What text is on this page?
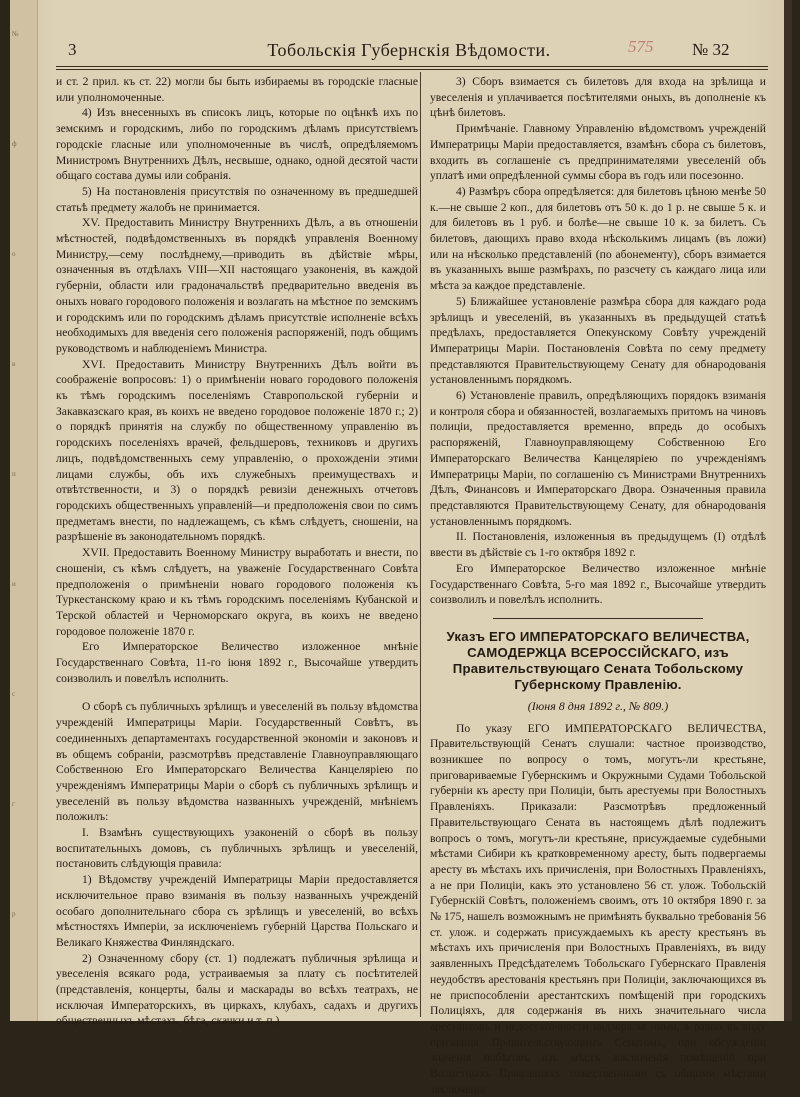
№
ф
о
в
п
и
с
г
р
3	Тобольскія Губернскія Вѣдомости.	575 № 32
и ст. 2 прил. къ ст. 22) могли бы быть избираемы въ городскіе гласные или уполномоченные.
4) Изъ внесенныхъ въ списокъ лицъ, которые по оцѣнкѣ ихъ по земскимъ и городскимъ, либо по городскимъ дѣламъ присутствіемъ городскіе гласные или уполномоченные въ числѣ, опредѣляемомъ Министромъ Внутреннихъ Дѣлъ, несвыше, однако, одной десятой части общаго состава думы или собранія.
5) На постановленія присутствія по означенному въ предшедшей статьѣ предмету жалобъ не принимается.
XV. Предоставить Министру Внутреннихъ Дѣлъ, а въ отношеніи мѣстностей, подвѣдомственныхъ въ порядкѣ управленія Военному Министру,—сему послѣднему,—приводить въ дѣйствіе мѣры, означенныя въ отдѣлахъ VIII—XII настоящаго узаконенія, въ каждой губерніи, области или градоначальствѣ предварительно введенія въ оныхъ новаго городового положенія и возлагать на мѣстное по земскимъ и городскимъ или по городскимъ дѣламъ присутствіе исполненіе всѣхъ необходимыхъ для введенія сего положенія распоряженій, подъ общимъ руководствомъ и наблюденіемъ Министра.
XVI. Предоставить Министру Внутреннихъ Дѣлъ войти въ соображеніе вопросовъ: 1) о примѣненіи новаго городового положенія къ тѣмъ городскимъ поселеніямъ Ставропольской губерніи и Закавказскаго края, въ коихъ не введено городовое положеніе 1870 г.; 2) о порядкѣ принятія на службу по общественному управленію въ городскихъ поселеніяхъ врачей, фельдшеровъ, техниковъ и другихъ лицъ, подвѣдомственныхъ сему управленію, о прохожденіи этими лицами службы, объ ихъ служебныхъ преимуществахъ и отвѣтственности, и 3) о порядкѣ ревизіи денежныхъ отчетовъ городскихъ общественныхъ управленій—и предположенія свои по симъ предметамъ внести, по надлежащемъ, съ кѣмъ слѣдуетъ, сношеніи, на разрѣшеніе въ законодательномъ порядкѣ.
XVII. Предоставить Военному Министру выработать и внести, по сношеніи, съ кѣмъ слѣдуетъ, на уваженіе Государственнаго Совѣта предположенія о примѣненіи новаго городового положенія къ Туркестанскому краю и къ тѣмъ городскимъ поселеніямъ Кубанской и Терской областей и Черноморскаго округа, въ коихъ не введено городовое положеніе 1870 г.
Его Императорское Величество изложенное мнѣніе Государственнаго Совѣта, 11-го іюня 1892 г., Высочайше утвердить соизволилъ и повелѣлъ исполнить.
О сборѣ съ публичныхъ зрѣлищъ и увеселеній въ пользу вѣдомства учрежденій Императрицы Маріи. Государственный Совѣтъ, въ соединенныхъ департаментахъ государственной экономіи и законовъ и въ общемъ собраніи, разсмотрѣвъ представленіе Главноуправляющаго Собственною Его Императорскаго Величества Канцеляріею по учрежденіямъ Императрицы Маріи о сборѣ съ публичныхъ зрѣлищъ и увеселеній въ пользу вѣдомства названныхъ учрежденій, мнѣніемъ положилъ:
I. Взамѣнъ существующихъ узаконеній о сборѣ въ пользу воспитательныхъ домовъ, съ публичныхъ зрѣлищъ и увеселеній, постановить слѣдующія правила:
1) Вѣдомству учрежденій Императрицы Маріи предоставляется исключительное право взиманія въ пользу названныхъ учрежденій особаго дополнительнаго сбора съ зрѣлищъ и увеселеній, во всѣхъ мѣстностяхъ Имперіи, за исключеніемъ губерній Царства Польскаго и Великаго Княжества Финляндскаго.
2) Означенному сбору (ст. 1) подлежатъ публичныя зрѣлища и увеселенія всякаго рода, устраиваемыя за плату съ посѣтителей (представленія, концерты, балы и маскарады во всѣхъ театрахъ, не исключая Императорскихъ, въ циркахъ, клубахъ, садахъ и другихъ общественныхъ мѣстахъ, бѣга, скачки и т. п.)
3) Сборъ взимается съ билетовъ для входа на зрѣлища и увеселенія и уплачивается посѣтителями оныхъ, въ дополненіе къ цѣнѣ билетовъ.
Примѣчаніе. Главному Управленію вѣдомствомъ учрежденій Императрицы Маріи предоставляется, взамѣнъ сбора съ билетовъ, входить въ соглашеніе съ предпринимателями увеселеній объ уплатѣ ими опредѣленной суммы сбора въ годъ или посезонно.
4) Размѣръ сбора опредѣляется: для билетовъ цѣною менѣе 50 к.—не свыше 2 коп., для билетовъ отъ 50 к. до 1 р. не свыше 5 к. и для билетовъ въ 1 руб. и болѣе—не свыше 10 к. за билетъ. Съ билетовъ, дающихъ право входа нѣсколькимъ лицамъ (въ ложи) или на нѣсколько представленій (по абонементу), сборъ взимается въ указанныхъ выше размѣрахъ, по разсчету съ каждаго лица или мѣста за каждое представленіе.
5) Ближайшее установленіе размѣра сбора для каждаго рода зрѣлищъ и увеселеній, въ указанныхъ въ предыдущей статьѣ предѣлахъ, предоставляется Опекунскому Совѣту учрежденій Императрицы Маріи. Постановленія Совѣта по сему предмету представляются Правительствующему Сенату для обнародованія установленнымъ порядкомъ.
6) Установленіе правилъ, опредѣляющихъ порядокъ взиманія и контроля сбора и обязанностей, возлагаемыхъ притомъ на чиновъ полиціи, предоставляется временно, впредь до особыхъ распоряженій, Главноуправляющему Собственною Его Императорскаго Величества Канцеляріею по учрежденіямъ Императрицы Маріи, по соглашенію съ Министрами Внутреннихъ Дѣлъ, Финансовъ и Императорскаго Двора. Означенныя правила представляются Правительствующему Сенату, для обнародованія установленнымъ порядкомъ.
II. Постановленія, изложенныя въ предыдущемъ (I) отдѣлѣ ввести въ дѣйствіе съ 1-го октября 1892 г.
Его Императорское Величество изложенное мнѣніе Государственнаго Совѣта, 5-го мая 1892 г., Высочайше утвердить соизволилъ и повелѣлъ исполнить.
Указъ ЕГО ИМПЕРАТОРСКАГО ВЕЛИЧЕСТВА, САМОДЕРЖЦА ВСЕРОССІЙСКАГО, изъ Правительствующаго Сената Тобольскому Губернскому Правленію.
(Іюня 8 дня 1892 г., № 809.)
По указу ЕГО ИМПЕРАТОРСКАГО ВЕЛИЧЕСТВА, Правительствующій Сенатъ слушали: частное производство, возникшее по вопросу о томъ, могутъ-ли крестьяне, приговариваемые Губернскимъ и Окружными Судами Тобольской губерніи къ аресту при Полиціи, быть арестуемы при Волостныхъ Правленіяхъ. Приказали: Разсмотрѣвъ предложенный Правительствующаго Сената въ настоящемъ дѣлѣ подлежитъ вопросъ о томъ, могутъ-ли крестьяне, присуждаемые судебными мѣстами Сибири къ кратковременному аресту, быть подвергаемы аресту въ мѣстахъ ихъ причисленія, при Волостныхъ Правленіяхъ, а не при Полиціи, какъ это установлено 56 ст. улож. Тобольскій Губернскій Совѣтъ, положеніемъ своимъ, отъ 10 октября 1890 г. за № 175, нашелъ возможнымъ не примѣнять буквально требованія 56 ст. улож. и содержать присуждаемыхъ къ аресту крестьянъ въ мѣстахъ ихъ причисленія при Волостныхъ Правленіяхъ, въ виду заявленныхъ Предсѣдателемъ Тобольскаго Губернскаго Правленія неудобствъ арестованія крестьянъ при Полиціи, заключающихся въ не приспособленіи арестантскихъ помѣщеній при городскихъ Полиціяхъ, для содержанія въ нихъ значительнаго числа арестантовъ и недостаточности надзора за ними, а равно въ виду признанія Правительствующимъ Сенатомъ, при обсужденіи значенія побѣговъ изъ мѣстъ заключенія помѣщеній при Волостныхъ Правленіяхъ тожественными съ общими мѣстами заключенія
